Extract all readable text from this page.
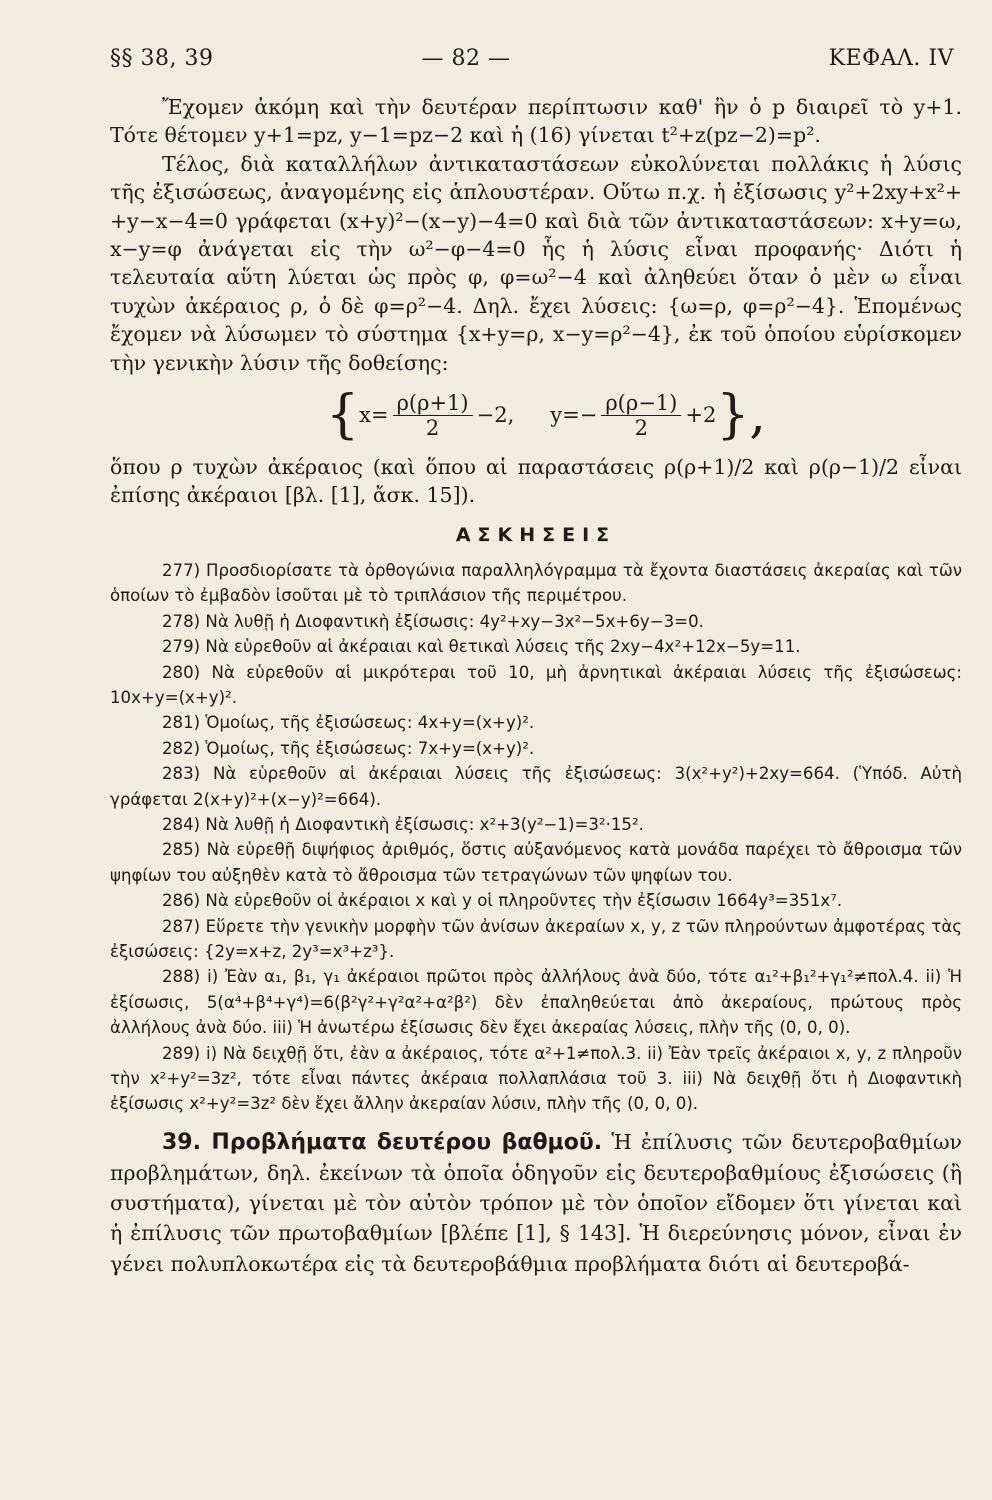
§§ 38, 39	— 82 —	ΚΕΦΑΛ. IV

Ἔχομεν ἀκόμη καὶ τὴν δευτέραν περίπτωσιν καθ' ἣν ὁ p διαιρεῖ τὸ y+1. Τότε θέτομεν y+1=pz, y−1=pz−2 καὶ ἡ (16) γίνεται t²+z(pz−2)=p².

Τέλος, διὰ καταλλήλων ἀντικαταστάσεων εὐκολύνεται πολλάκις ἡ λύσις τῆς ἐξισώσεως, ἀναγομένης εἰς ἁπλουστέραν. Οὕτω π.χ. ἡ ἐξίσωσις y²+2xy+x²+ +y−x−4=0 γράφεται (x+y)²−(x−y)−4=0 καὶ διὰ τῶν ἀντικαταστάσεων: x+y=ω, x−y=φ ἀνάγεται εἰς τὴν ω²−φ−4=0 ἧς ἡ λύσις εἶναι προφανής· Διότι ἡ τελευταία αὕτη λύεται ὡς πρὸς φ, φ=ω²−4 καὶ ἀληθεύει ὅταν ὁ μὲν ω εἶναι τυχὼν ἀκέραιος ρ, ὁ δὲ φ=ρ²−4. Δηλ. ἔχει λύσεις: {ω=ρ, φ=ρ²−4}. Ἑπομένως ἔχομεν νὰ λύσωμεν τὸ σύστημα {x+y=ρ, x−y=ρ²−4}, ἐκ τοῦ ὁποίου εὑρίσκομεν τὴν γενικὴν λύσιν τῆς δοθείσης:

{ $x= \frac{\rho(\rho+1)}{2} -2$, $y=- \frac{\rho(\rho-1)}{2} +2$ },

ὅπου ρ τυχὼν ἀκέραιος (καὶ ὅπου αἱ παραστάσεις ρ(ρ+1)/2 καὶ ρ(ρ−1)/2 εἶναι ἐπίσης ἀκέραιοι [βλ. [1], ἄσκ. 15]).

ΑΣΚΗΣΕΙΣ

277) Προσδιορίσατε τὰ ὀρθογώνια παραλληλόγραμμα τὰ ἔχοντα διαστάσεις ἀκεραίας καὶ τῶν ὁποίων τὸ ἐμβαδὸν ἰσοῦται μὲ τὸ τριπλάσιον τῆς περιμέτρου.

278) Νὰ λυθῇ ἡ Διοφαντικὴ ἐξίσωσις: 4y²+xy−3x²−5x+6y−3=0.

279) Νὰ εὑρεθοῦν αἱ ἀκέραιαι καὶ θετικαὶ λύσεις τῆς 2xy−4x²+12x−5y=11.

280) Νὰ εὑρεθοῦν αἱ μικρότεραι τοῦ 10, μὴ ἀρνητικαὶ ἀκέραιαι λύσεις τῆς ἐξισώσεως: 10x+y=(x+y)².

281) Ὁμοίως, τῆς ἐξισώσεως: 4x+y=(x+y)².

282) Ὁμοίως, τῆς ἐξισώσεως: 7x+y=(x+y)².

283) Νὰ εὑρεθοῦν αἱ ἀκέραιαι λύσεις τῆς ἐξισώσεως: 3(x²+y²)+2xy=664. (Ὑπόδ. Αὐτὴ γράφεται 2(x+y)²+(x−y)²=664).

284) Νὰ λυθῇ ἡ Διοφαντικὴ ἐξίσωσις: x²+3(y²−1)=3²·15².

285) Νὰ εὑρεθῇ διψήφιος ἀριθμός, ὅστις αὐξανόμενος κατὰ μονάδα παρέχει τὸ ἄθροισμα τῶν ψηφίων του αὐξηθὲν κατὰ τὸ ἄθροισμα τῶν τετραγώνων τῶν ψηφίων του.

286) Νὰ εὑρεθοῦν οἱ ἀκέραιοι x καὶ y οἱ πληροῦντες τὴν ἐξίσωσιν 1664y³=351x⁷.

287) Εὕρετε τὴν γενικὴν μορφὴν τῶν ἀνίσων ἀκεραίων x, y, z τῶν πληρούντων ἀμφοτέρας τὰς ἐξισώσεις: {2y=x+z, 2y³=x³+z³}.

288) i) Ἐὰν α₁, β₁, γ₁ ἀκέραιοι πρῶτοι πρὸς ἀλλήλους ἀνὰ δύο, τότε α₁²+β₁²+γ₁²≠πολ.4. ii) Ἡ ἐξίσωσις, 5(α⁴+β⁴+γ⁴)=6(β²γ²+γ²α²+α²β²) δὲν ἐπαληθεύεται ἀπὸ ἀκεραίους, πρώτους πρὸς ἀλλήλους ἀνὰ δύο. iii) Ἡ ἀνωτέρω ἐξίσωσις δὲν ἔχει ἀκεραίας λύσεις, πλὴν τῆς (0, 0, 0).

289) i) Νὰ δειχθῇ ὅτι, ἐὰν α ἀκέραιος, τότε α²+1≠πολ.3. ii) Ἐὰν τρεῖς ἀκέραιοι x, y, z πληροῦν τὴν x²+y²=3z², τότε εἶναι πάντες ἀκέραια πολλαπλάσια τοῦ 3. iii) Νὰ δειχθῇ ὅτι ἡ Διοφαντικὴ ἐξίσωσις x²+y²=3z² δὲν ἔχει ἄλλην ἀκεραίαν λύσιν, πλὴν τῆς (0, 0, 0).

39. Προβλήματα δευτέρου βαθμοῦ. Ἡ ἐπίλυσις τῶν δευτεροβαθμίων προβλημάτων, δηλ. ἐκείνων τὰ ὁποῖα ὁδηγοῦν εἰς δευτεροβαθμίους ἐξισώσεις (ἢ συστήματα), γίνεται μὲ τὸν αὐτὸν τρόπον μὲ τὸν ὁποῖον εἴδομεν ὅτι γίνεται καὶ ἡ ἐπίλυσις τῶν πρωτοβαθμίων [βλέπε [1], § 143]. Ἡ διερεύνησις μόνον, εἶναι ἐν γένει πολυπλοκωτέρα εἰς τὰ δευτεροβάθμια προβλήματα διότι αἱ δευτεροβά-
